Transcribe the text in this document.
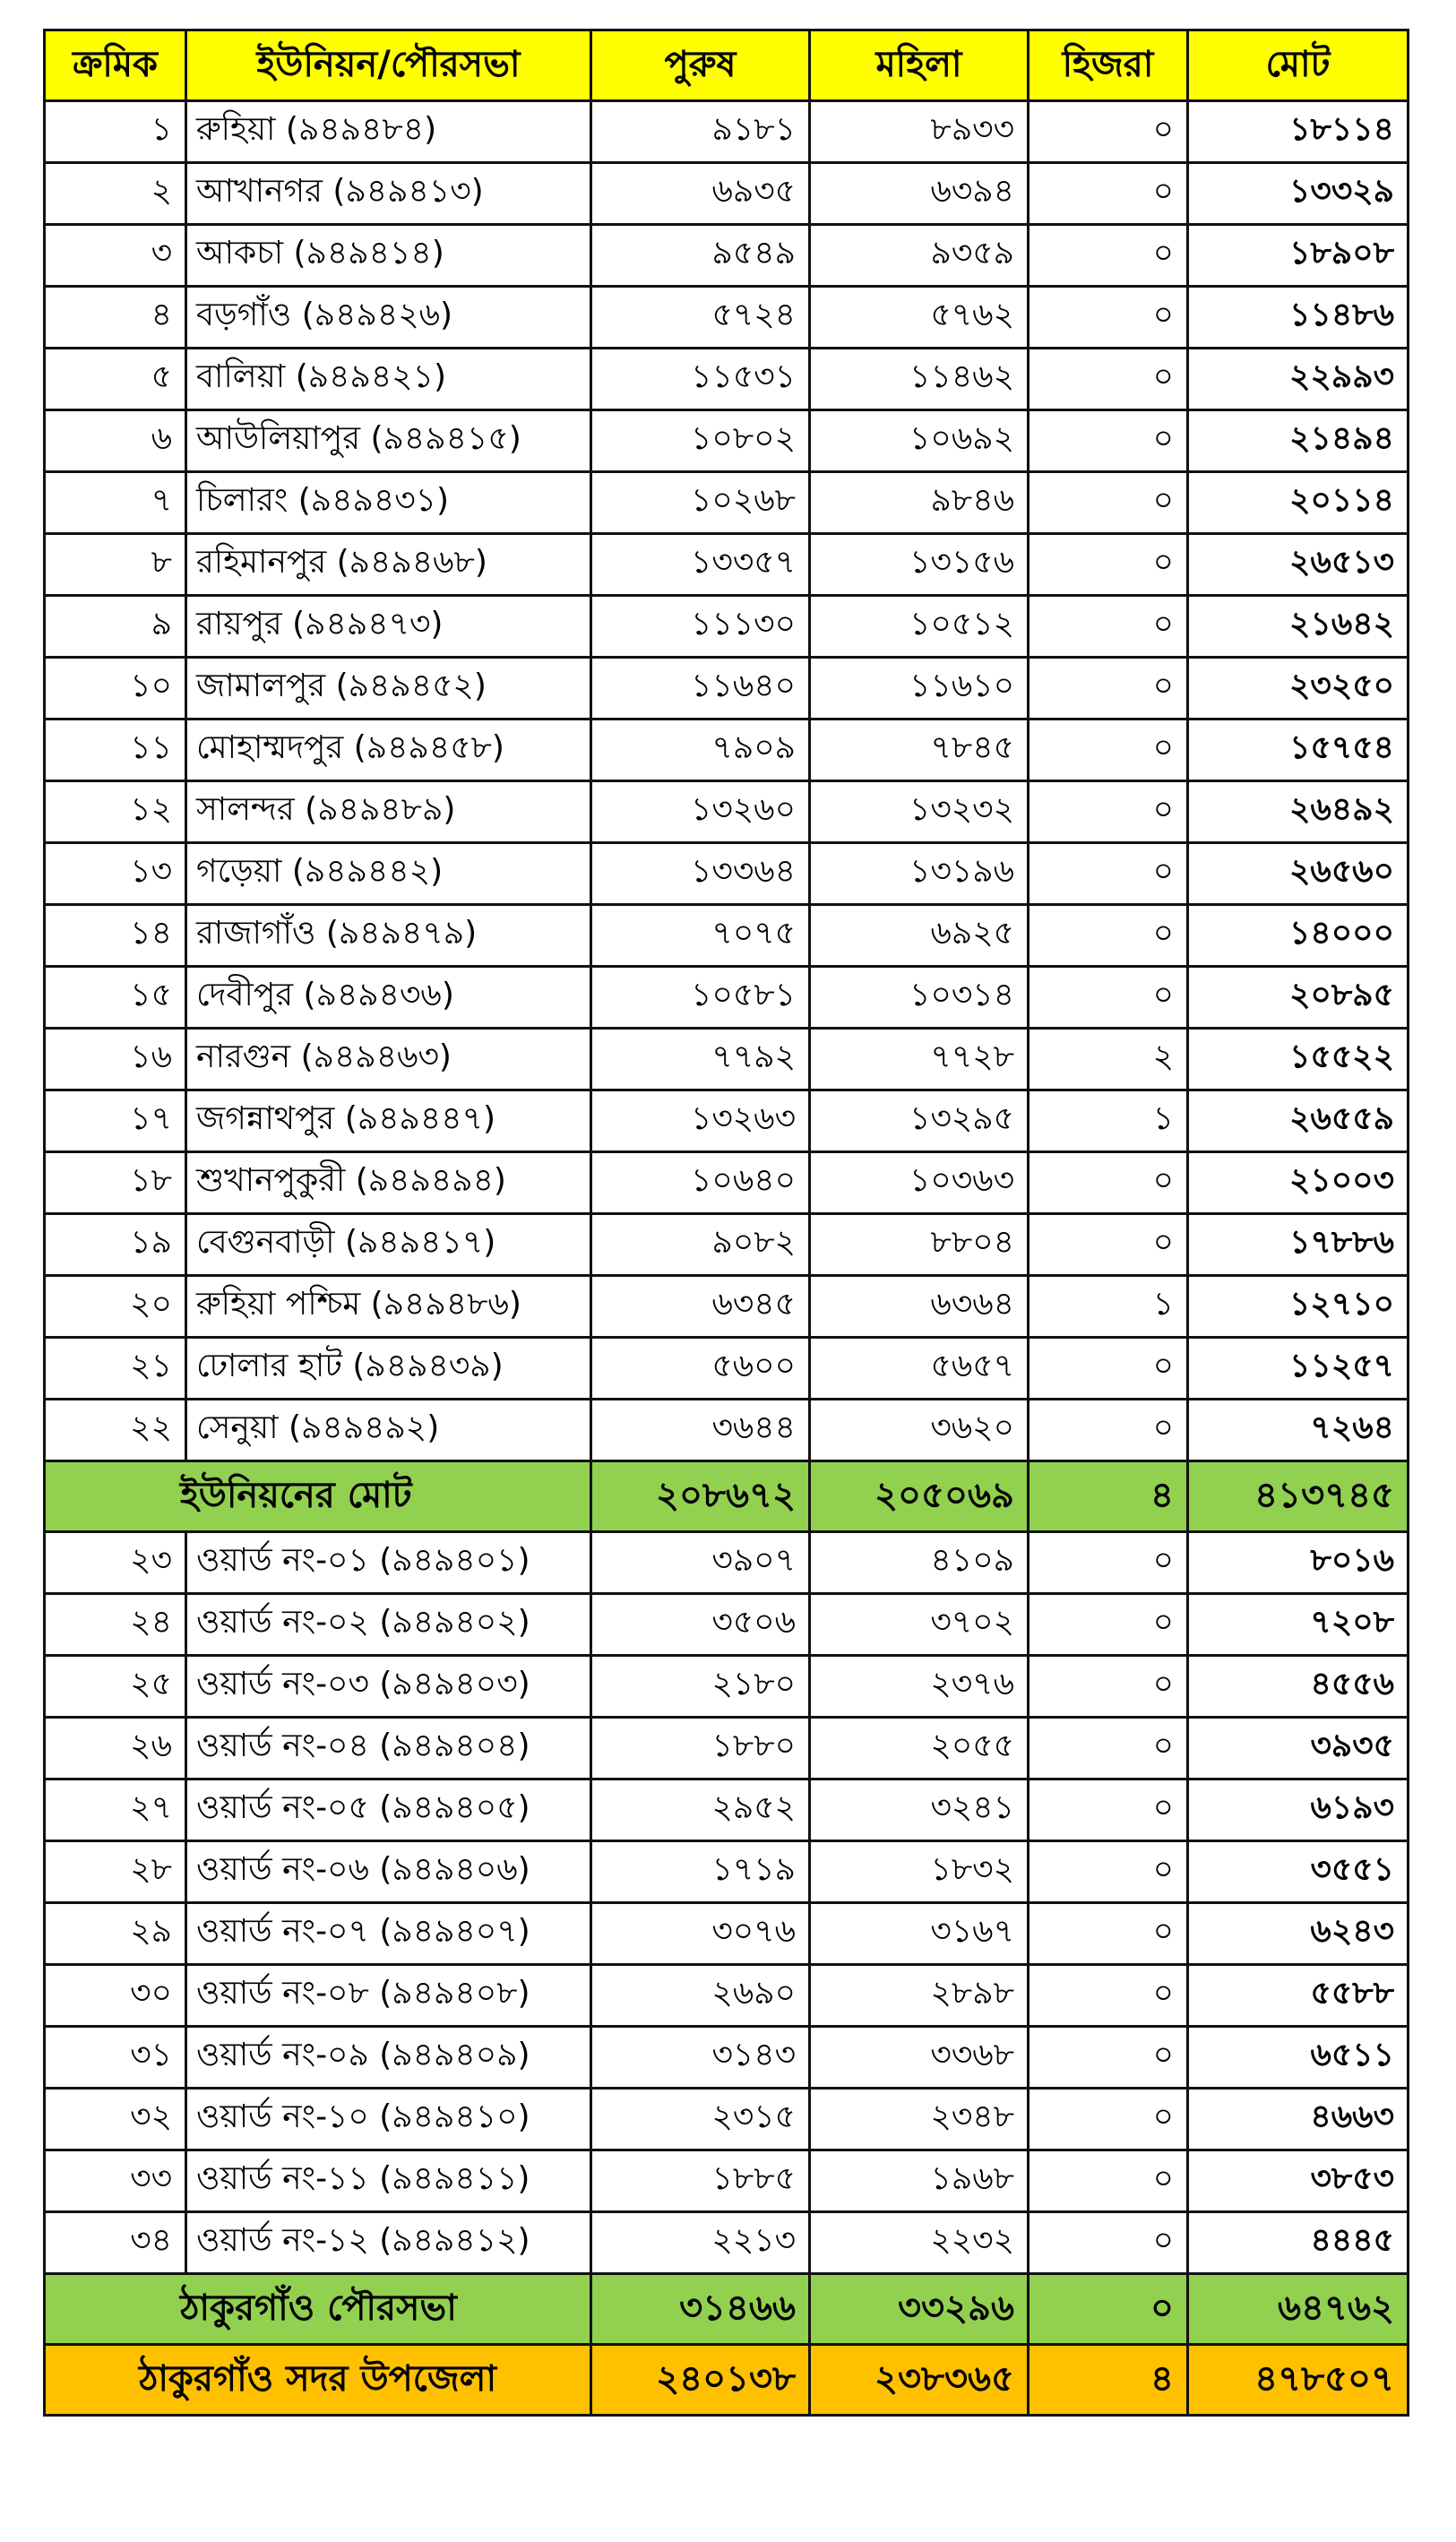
ক্রমিক	ইউনিয়ন/পৌরসভা	পুরুষ	মহিলা	হিজরা	মোট
১	রুহিয়া (৯৪৯৪৮৪)	৯১৮১	৮৯৩৩	০	১৮১১৪
২	আখানগর (৯৪৯৪১৩)	৬৯৩৫	৬৩৯৪	০	১৩৩২৯
৩	আকচা (৯৪৯৪১৪)	৯৫৪৯	৯৩৫৯	০	১৮৯০৮
৪	বড়গাঁও (৯৪৯৪২৬)	৫৭২৪	৫৭৬২	০	১১৪৮৬
৫	বালিয়া (৯৪৯৪২১)	১১৫৩১	১১৪৬২	০	২২৯৯৩
৬	আউলিয়াপুর (৯৪৯৪১৫)	১০৮০২	১০৬৯২	০	২১৪৯৪
৭	চিলারং (৯৪৯৪৩১)	১০২৬৮	৯৮৪৬	০	২০১১৪
৮	রহিমানপুর (৯৪৯৪৬৮)	১৩৩৫৭	১৩১৫৬	০	২৬৫১৩
৯	রায়পুর (৯৪৯৪৭৩)	১১১৩০	১০৫১২	০	২১৬৪২
১০	জামালপুর (৯৪৯৪৫২)	১১৬৪০	১১৬১০	০	২৩২৫০
১১	মোহাম্মদপুর (৯৪৯৪৫৮)	৭৯০৯	৭৮৪৫	০	১৫৭৫৪
১২	সালন্দর (৯৪৯৪৮৯)	১৩২৬০	১৩২৩২	০	২৬৪৯২
১৩	গড়েয়া (৯৪৯৪৪২)	১৩৩৬৪	১৩১৯৬	০	২৬৫৬০
১৪	রাজাগাঁও (৯৪৯৪৭৯)	৭০৭৫	৬৯২৫	০	১৪০০০
১৫	দেবীপুর (৯৪৯৪৩৬)	১০৫৮১	১০৩১৪	০	২০৮৯৫
১৬	নারগুন (৯৪৯৪৬৩)	৭৭৯২	৭৭২৮	২	১৫৫২২
১৭	জগন্নাথপুর (৯৪৯৪৪৭)	১৩২৬৩	১৩২৯৫	১	২৬৫৫৯
১৮	শুখানপুকুরী (৯৪৯৪৯৪)	১০৬৪০	১০৩৬৩	০	২১০০৩
১৯	বেগুনবাড়ী (৯৪৯৪১৭)	৯০৮২	৮৮০৪	০	১৭৮৮৬
২০	রুহিয়া পশ্চিম (৯৪৯৪৮৬)	৬৩৪৫	৬৩৬৪	১	১২৭১০
২১	ঢোলার হাট (৯৪৯৪৩৯)	৫৬০০	৫৬৫৭	০	১১২৫৭
২২	সেনুয়া (৯৪৯৪৯২)	৩৬৪৪	৩৬২০	০	৭২৬৪
ইউনিয়নের মোট		২০৮৬৭২	২০৫০৬৯	৪	৪১৩৭৪৫
২৩	ওয়ার্ড নং-০১ (৯৪৯৪০১)	৩৯০৭	৪১০৯	০	৮০১৬
২৪	ওয়ার্ড নং-০২ (৯৪৯৪০২)	৩৫০৬	৩৭০২	০	৭২০৮
২৫	ওয়ার্ড নং-০৩ (৯৪৯৪০৩)	২১৮০	২৩৭৬	০	৪৫৫৬
২৬	ওয়ার্ড নং-০৪ (৯৪৯৪০৪)	১৮৮০	২০৫৫	০	৩৯৩৫
২৭	ওয়ার্ড নং-০৫ (৯৪৯৪০৫)	২৯৫২	৩২৪১	০	৬১৯৩
২৮	ওয়ার্ড নং-০৬ (৯৪৯৪০৬)	১৭১৯	১৮৩২	০	৩৫৫১
২৯	ওয়ার্ড নং-০৭ (৯৪৯৪০৭)	৩০৭৬	৩১৬৭	০	৬২৪৩
৩০	ওয়ার্ড নং-০৮ (৯৪৯৪০৮)	২৬৯০	২৮৯৮	০	৫৫৮৮
৩১	ওয়ার্ড নং-০৯ (৯৪৯৪০৯)	৩১৪৩	৩৩৬৮	০	৬৫১১
৩২	ওয়ার্ড নং-১০ (৯৪৯৪১০)	২৩১৫	২৩৪৮	০	৪৬৬৩
৩৩	ওয়ার্ড নং-১১ (৯৪৯৪১১)	১৮৮৫	১৯৬৮	০	৩৮৫৩
৩৪	ওয়ার্ড নং-১২ (৯৪৯৪১২)	২২১৩	২২৩২	০	৪৪৪৫
ঠাকুরগাঁও পৌরসভা		৩১৪৬৬	৩৩২৯৬	০	৬৪৭৬২
ঠাকুরগাঁও সদর উপজেলা		২৪০১৩৮	২৩৮৩৬৫	৪	৪৭৮৫০৭
